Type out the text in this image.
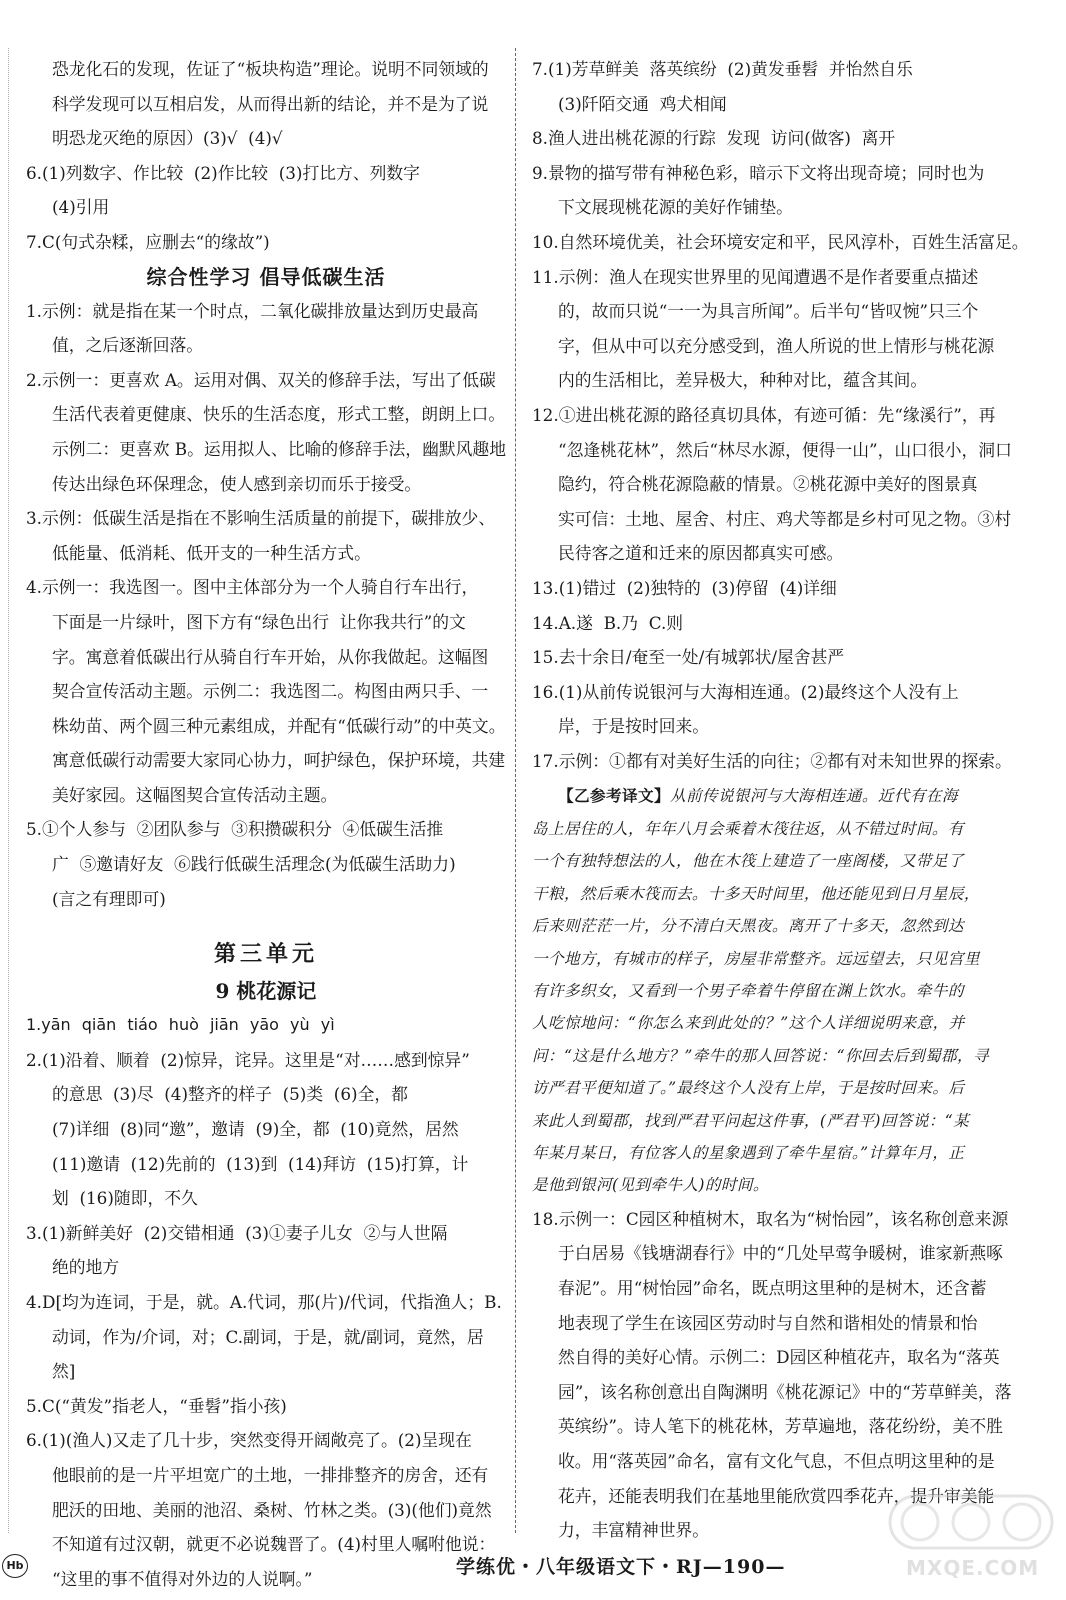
恐龙化石的发现，佐证了“板块构造”理论。说明不同领域的

科学发现可以互相启发，从而得出新的结论，并不是为了说

明恐龙灭绝的原因）(3)√  (4)√

6.(1)列数字、作比较  (2)作比较  (3)打比方、列数字

(4)引用

7.C(句式杂糅，应删去“的缘故”)

综合性学习 倡导低碳生活

1.示例：就是指在某一个时点，二氧化碳排放量达到历史最高

值，之后逐渐回落。

2.示例一：更喜欢 A。运用对偶、双关的修辞手法，写出了低碳

生活代表着更健康、快乐的生活态度，形式工整，朗朗上口。

示例二：更喜欢 B。运用拟人、比喻的修辞手法，幽默风趣地

传达出绿色环保理念，使人感到亲切而乐于接受。

3.示例：低碳生活是指在不影响生活质量的前提下，碳排放少、

低能量、低消耗、低开支的一种生活方式。

4.示例一：我选图一。图中主体部分为一个人骑自行车出行，

下面是一片绿叶，图下方有“绿色出行  让你我共行”的文

字。寓意着低碳出行从骑自行车开始，从你我做起。这幅图

契合宣传活动主题。示例二：我选图二。构图由两只手、一

株幼苗、两个圆三种元素组成，并配有“低碳行动”的中英文。

寓意低碳行动需要大家同心协力，呵护绿色，保护环境，共建

美好家园。这幅图契合宣传活动主题。

5.①个人参与  ②团队参与  ③积攒碳积分  ④低碳生活推

广  ⑤邀请好友  ⑥践行低碳生活理念(为低碳生活助力)

(言之有理即可)

第三单元

9 桃花源记

1.yān qiān tiáo huò jiān yāo yù yì

2.(1)沿着、顺着  (2)惊异，诧异。这里是“对……感到惊异”

的意思  (3)尽  (4)整齐的样子  (5)类  (6)全，都

(7)详细  (8)同“邀”，邀请  (9)全，都  (10)竟然，居然

(11)邀请  (12)先前的  (13)到  (14)拜访  (15)打算，计

划  (16)随即，不久

3.(1)新鲜美好  (2)交错相通  (3)①妻子儿女  ②与人世隔

绝的地方

4.D[均为连词，于是，就。A.代词，那(片)/代词，代指渔人；B.

动词，作为/介词，对；C.副词，于是，就/副词，竟然，居然]

5.C(“黄发”指老人，“垂髫”指小孩)

6.(1)(渔人)又走了几十步，突然变得开阔敞亮了。(2)呈现在

他眼前的是一片平坦宽广的土地，一排排整齐的房舍，还有

肥沃的田地、美丽的池沼、桑树、竹林之类。(3)(他们)竟然

不知道有过汉朝，就更不必说魏晋了。(4)村里人嘱咐他说：

“这里的事不值得对外边的人说啊。”

7.(1)芳草鲜美  落英缤纷  (2)黄发垂髫  并怡然自乐

(3)阡陌交通  鸡犬相闻

8.渔人进出桃花源的行踪  发现  访问(做客)  离开

9.景物的描写带有神秘色彩，暗示下文将出现奇境；同时也为

下文展现桃花源的美好作铺垫。

10.自然环境优美，社会环境安定和平，民风淳朴，百姓生活富足。

11.示例：渔人在现实世界里的见闻遭遇不是作者要重点描述

的，故而只说“一一为具言所闻”。后半句“皆叹惋”只三个

字，但从中可以充分感受到，渔人所说的世上情形与桃花源

内的生活相比，差异极大，种种对比，蕴含其间。

12.①进出桃花源的路径真切具体，有迹可循：先“缘溪行”，再

“忽逢桃花林”，然后“林尽水源，便得一山”，山口很小，洞口

隐约，符合桃花源隐蔽的情景。②桃花源中美好的图景真

实可信：土地、屋舍、村庄、鸡犬等都是乡村可见之物。③村

民待客之道和迁来的原因都真实可感。

13.(1)错过  (2)独特的  (3)停留  (4)详细

14.A.遂  B.乃  C.则

15.去十余日/奄至一处/有城郭状/屋舍甚严

16.(1)从前传说银河与大海相连通。(2)最终这个人没有上

岸，于是按时回来。

17.示例：①都有对美好生活的向往；②都有对未知世界的探索。

【乙参考译文】从前传说银河与大海相连通。近代有在海

岛上居住的人，年年八月会乘着木筏往返，从不错过时间。有

一个有独特想法的人，他在木筏上建造了一座阁楼，又带足了

干粮，然后乘木筏而去。十多天时间里，他还能见到日月星辰，

后来则茫茫一片，分不清白天黑夜。离开了十多天，忽然到达

一个地方，有城市的样子，房屋非常整齐。远远望去，只见宫里

有许多织女，又看到一个男子牵着牛停留在渊上饮水。牵牛的

人吃惊地问：“你怎么来到此处的？”这个人详细说明来意，并

问：“这是什么地方？”牵牛的那人回答说：“你回去后到蜀郡，寻

访严君平便知道了。”最终这个人没有上岸，于是按时回来。后

来此人到蜀郡，找到严君平问起这件事，(严君平)回答说：“某

年某月某日，有位客人的星象遇到了牵牛星宿。”计算年月，正

是他到银河(见到牵牛人)的时间。

18.示例一：C园区种植树木，取名为“树怡园”，该名称创意来源

于白居易《钱塘湖春行》中的“几处早莺争暖树，谁家新燕啄

春泥”。用“树怡园”命名，既点明这里种的是树木，还含蓄

地表现了学生在该园区劳动时与自然和谐相处的情景和怡

然自得的美好心情。示例二：D园区种植花卉，取名为“落英

园”，该名称创意出自陶渊明《桃花源记》中的“芳草鲜美，落

英缤纷”。诗人笔下的桃花林，芳草遍地，落花纷纷，美不胜

收。用“落英园”命名，富有文化气息，不但点明这里种的是

花卉，还能表明我们在基地里能欣赏四季花卉，提升审美能

力，丰富精神世界。

Hb	学练优・八年级语文下・RJ—190—	MXQE.COM
